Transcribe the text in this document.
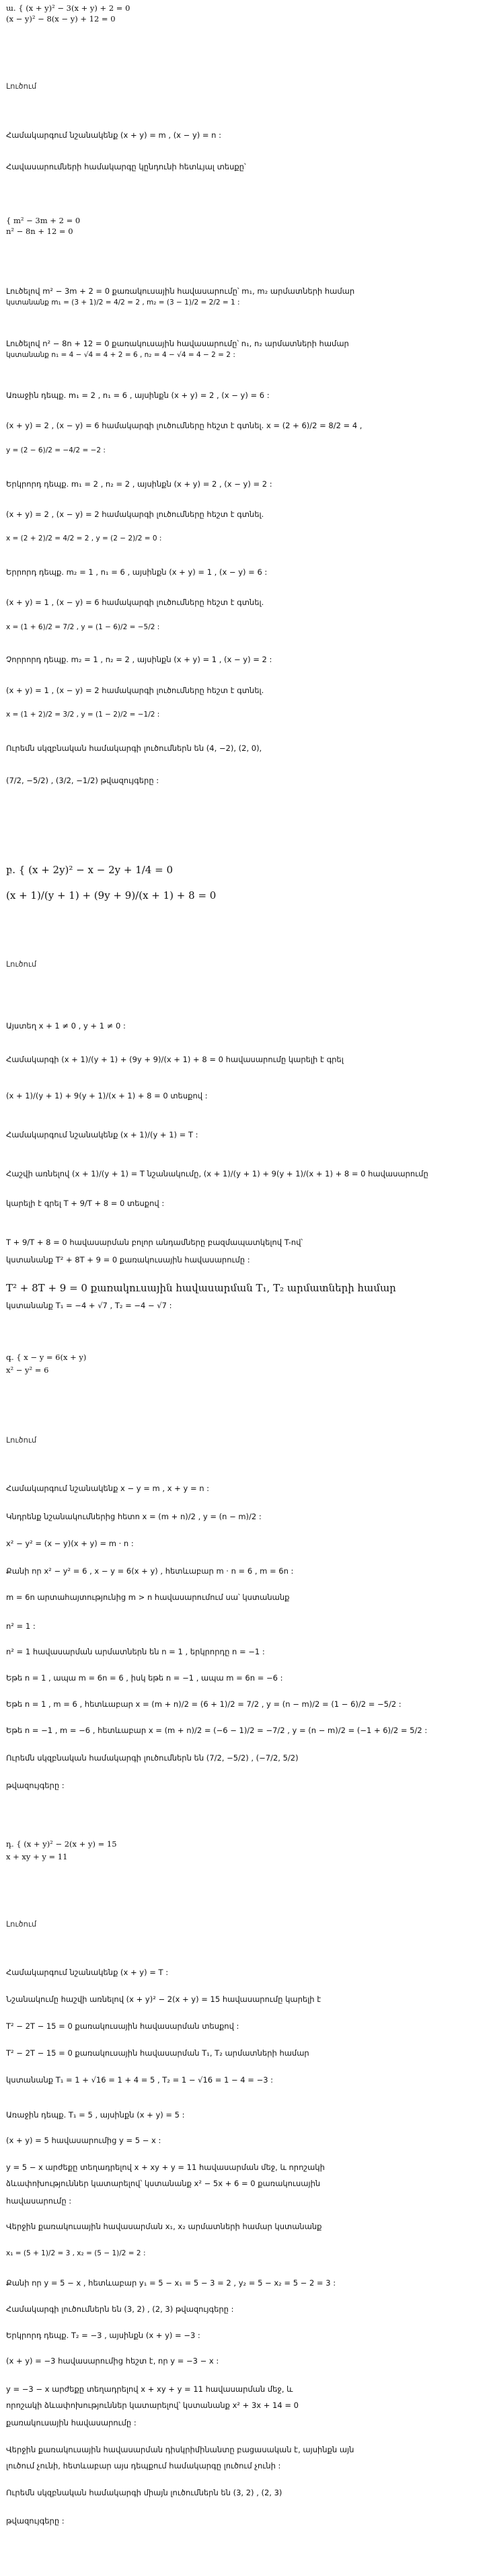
ա. { (x + y)² − 3(x + y) + 2 = 0
(x − y)² − 8(x − y) + 12 = 0
Լուծում
Համակարգում նշանակենք (x + y) = m , (x − y) = n :
Հավասարումների համակարգը կընդունի հետևյալ տեսքը՝
{ m² − 3m + 2 = 0
n² − 8n + 12 = 0
Լուծելով m² − 3m + 2 = 0 քառակուսային հավասարումը՝ m₁, m₂ արմատների համար
կստանանք m₁ = (3 + 1)/2 = 4/2 = 2 , m₂ = (3 − 1)/2 = 2/2 = 1 :
Լուծելով n² − 8n + 12 = 0 քառակուսային հավասարումը՝ n₁, n₂ արմատների համար
կստանանք n₁ = 4 − √4 = 4 + 2 = 6 , n₂ = 4 − √4 = 4 − 2 = 2 :
Առաջին դեպք. m₁ = 2 , n₁ = 6 , այսինքն (x + y) = 2 , (x − y) = 6 :
(x + y) = 2 , (x − y) = 6 համակարգի լուծումները հեշտ է գտնել. x = (2 + 6)/2 = 8/2 = 4 ,
y = (2 − 6)/2 = −4/2 = −2 :
Երկրորդ դեպք. m₁ = 2 , n₂ = 2 , այսինքն (x + y) = 2 , (x − y) = 2 :
(x + y) = 2 , (x − y) = 2 համակարգի լուծումները հեշտ է գտնել.
x = (2 + 2)/2 = 4/2 = 2 , y = (2 − 2)/2 = 0 :
Երրորդ դեպք. m₂ = 1 , n₁ = 6 , այսինքն (x + y) = 1 , (x − y) = 6 :
(x + y) = 1 , (x − y) = 6 համակարգի լուծումները հեշտ է գտնել.
x = (1 + 6)/2 = 7/2 , y = (1 − 6)/2 = −5/2 :
Չորրորդ դեպք. m₂ = 1 , n₂ = 2 , այսինքն (x + y) = 1 , (x − y) = 2 :
(x + y) = 1 , (x − y) = 2 համակարգի լուծումները հեշտ է գտնել.
x = (1 + 2)/2 = 3/2 , y = (1 − 2)/2 = −1/2 :
Ուրեմն սկզբնական համակարգի լուծումներն են (4, −2), (2, 0),
(7/2, −5/2) , (3/2, −1/2) թվազույգերը :
բ. { (x + 2y)² − x − 2y + 1/4 = 0
(x + 1)/(y + 1) + (9y + 9)/(x + 1) + 8 = 0
Լուծում
Այստեղ x + 1 ≠ 0 , y + 1 ≠ 0 :
Համակարգի (x + 1)/(y + 1) + (9y + 9)/(x + 1) + 8 = 0 հավասարումը կարելի է գրել
(x + 1)/(y + 1) + 9(y + 1)/(x + 1) + 8 = 0 տեսքով :
Համակարգում նշանակենք (x + 1)/(y + 1) = T :
Հաշվի առնելով (x + 1)/(y + 1) = T նշանակումը, (x + 1)/(y + 1) + 9(y + 1)/(x + 1) + 8 = 0 հավասարումը
կարելի է գրել T + 9/T + 8 = 0 տեսքով :
T + 9/T + 8 = 0 հավասարման բոլոր անդամները բազմապատկելով T-ով՝
կստանանք T² + 8T + 9 = 0 քառակուսային հավասարումը :
T² + 8T + 9 = 0 քառակուսային հավասարման T₁, T₂ արմատների համար
կստանանք T₁ = −4 + √7 , T₂ = −4 − √7 :
գ. { x − y = 6(x + y)
x² − y² = 6
Լուծում
Համակարգում նշանակենք x − y = m , x + y = n :
Կնդրենք նշանակումներից հետո x = (m + n)/2 , y = (n − m)/2 :
x² − y² = (x − y)(x + y) = m · n :
Քանի որ x² − y² = 6 , x − y = 6(x + y) , հետևաբար m · n = 6 , m = 6n :
m = 6n արտահայտությունից m > n հավասարումում սա՝ կստանանք
n² = 1 :
n² = 1 հավասարման արմատներն են n = 1 , երկրորդը n = −1 :
Եթե n = 1 , ապա m = 6n = 6 , իսկ եթե n = −1 , ապա m = 6n = −6 :
Եթե n = 1 , m = 6 , հետևաբար x = (m + n)/2 = (6 + 1)/2 = 7/2 , y = (n − m)/2 = (1 − 6)/2 = −5/2 :
Եթե n = −1 , m = −6 , հետևաբար x = (m + n)/2 = (−6 − 1)/2 = −7/2 , y = (n − m)/2 = (−1 + 6)/2 = 5/2 :
Ուրեմն սկզբնական համակարգի լուծումներն են (7/2, −5/2) , (−7/2, 5/2)
թվազույգերը :
դ. { (x + y)² − 2(x + y) = 15
x + xy + y = 11
Լուծում
Համակարգում նշանակենք (x + y) = T :
Նշանակումը հաշվի առնելով (x + y)² − 2(x + y) = 15 հավասարումը կարելի է
T² − 2T − 15 = 0 քառակուսային հավասարման տեսքով :
T² − 2T − 15 = 0 քառակուսային հավասարման T₁, T₂ արմատների համար
կստանանք T₁ = 1 + √16 = 1 + 4 = 5 , T₂ = 1 − √16 = 1 − 4 = −3 :
Առաջին դեպք. T₁ = 5 , այսինքն (x + y) = 5 :
(x + y) = 5 հավասարումից y = 5 − x :
y = 5 − x արժեքը տեղադրելով x + xy + y = 11 հավասարման մեջ, և որոշակի
ձևափոխություններ կատարելով՝ կստանանք x² − 5x + 6 = 0 քառակուսային
հավասարումը :
Վերջին քառակուսային հավասարման x₁, x₂ արմատների համար կստանանք
x₁ = (5 + 1)/2 = 3 , x₂ = (5 − 1)/2 = 2 :
Քանի որ y = 5 − x , հետևաբար y₁ = 5 − x₁ = 5 − 3 = 2 , y₂ = 5 − x₂ = 5 − 2 = 3 :
Համակարգի լուծումներն են (3, 2) , (2, 3) թվազույգերը :
Երկրորդ դեպք. T₂ = −3 , այսինքն (x + y) = −3 :
(x + y) = −3 հավասարումից հեշտ է, որ y = −3 − x :
y = −3 − x արժեքը տեղադրելով x + xy + y = 11 հավասարման մեջ, և
որոշակի ձևափոխություններ կատարելով՝ կստանանք x² + 3x + 14 = 0
քառակուսային հավասարումը :
Վերջին քառակուսային հավասարման դիսկրիմինանտը բացասական է, այսինքն այն
լուծում չունի, հետևաբար այս դեպքում համակարգը լուծում չունի :
Ուրեմն սկզբնական համակարգի միայն լուծումներն են (3, 2) , (2, 3)
թվազույգերը :
